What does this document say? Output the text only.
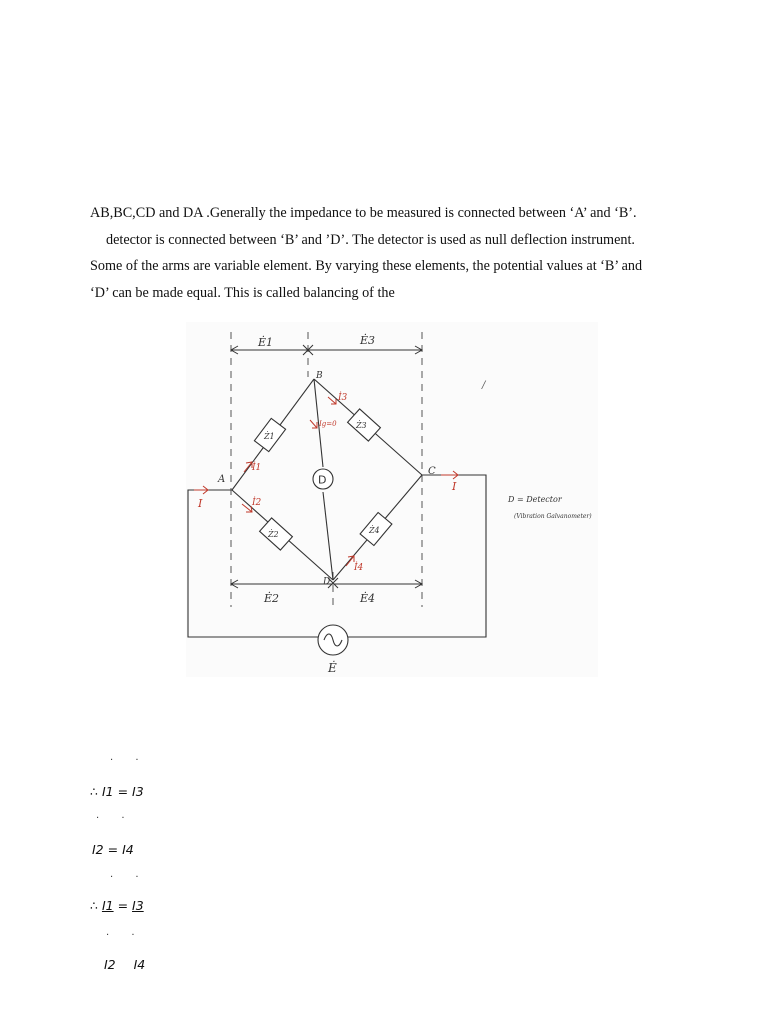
AB,BC,CD and DA .Generally the impedance to be measured is connected between ‘A’ and ‘B’.

detector is connected between ‘B’ and ’D’. The detector is used as null deflection instrument.

Some of the arms are variable element. By varying these elements, the potential values at ‘B’ and

‘D’ can be made equal. This is called balancing of the

Ė1	Ė3
Ė2	Ė4
Ż1
Ż3
Ż2	Ż4
D
Ė
A
B
C
D
I
I
İ1
İ2
İ3
İ4
Ig=0
D = Detector
(Vibration Galvanometer)
/
·       ·
∴ I1 = I3
·       ·
I2 = I4
·       ·
∴ I1 = I3
·       ·
I2 I4
